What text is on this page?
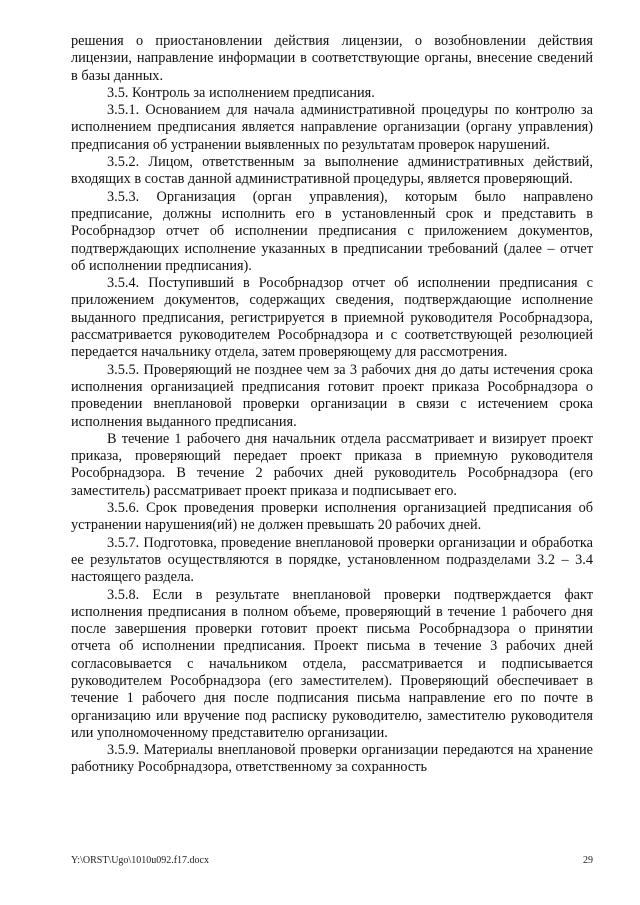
решения о приостановлении действия лицензии, о возобновлении действия лицензии, направление информации в соответствующие органы, внесение сведений в базы данных.

3.5. Контроль за исполнением предписания.

3.5.1. Основанием для начала административной процедуры по контролю за исполнением предписания является направление организации (органу управления) предписания об устранении выявленных по результатам проверок нарушений.

3.5.2. Лицом, ответственным за выполнение административных действий, входящих в состав данной административной процедуры, является проверяющий.

3.5.3. Организация (орган управления), которым было направлено предписание, должны исполнить его в установленный срок и представить в Рособрнадзор отчет об исполнении предписания с приложением документов, подтверждающих исполнение указанных в предписании требований (далее – отчет об исполнении предписания).

3.5.4. Поступивший в Рособрнадзор отчет об исполнении предписания с приложением документов, содержащих сведения, подтверждающие исполнение выданного предписания, регистрируется в приемной руководителя Рособрнадзора, рассматривается руководителем Рособрнадзора и с соответствующей резолюцией передается начальнику отдела, затем проверяющему для рассмотрения.

3.5.5. Проверяющий не позднее чем за 3 рабочих дня до даты истечения срока исполнения организацией предписания готовит проект приказа Рособрнадзора о проведении внеплановой проверки организации в связи с истечением срока исполнения выданного предписания.

В течение 1 рабочего дня начальник отдела рассматривает и визирует проект приказа, проверяющий передает проект приказа в приемную руководителя Рособрнадзора. В течение 2 рабочих дней руководитель Рособрнадзора (его заместитель) рассматривает проект приказа и подписывает его.

3.5.6. Срок проведения проверки исполнения организацией предписания об устранении нарушения(ий) не должен превышать 20 рабочих дней.

3.5.7. Подготовка, проведение внеплановой проверки организации и обработка ее результатов осуществляются в порядке, установленном подразделами 3.2 – 3.4 настоящего раздела.

3.5.8. Если в результате внеплановой проверки подтверждается факт исполнения предписания в полном объеме, проверяющий в течение 1 рабочего дня после завершения проверки готовит проект письма Рособрнадзора о принятии отчета об исполнении предписания. Проект письма в течение 3 рабочих дней согласовывается с начальником отдела, рассматривается и подписывается руководителем Рособрнадзора (его заместителем). Проверяющий обеспечивает в течение 1 рабочего дня после подписания письма направление его по почте в организацию или вручение под расписку руководителю, заместителю руководителя или уполномоченному представителю организации.

3.5.9. Материалы внеплановой проверки организации передаются на хранение работнику Рособрнадзора, ответственному за сохранность

Y:\ORST\Ugo\1010u092.f17.docx	29
